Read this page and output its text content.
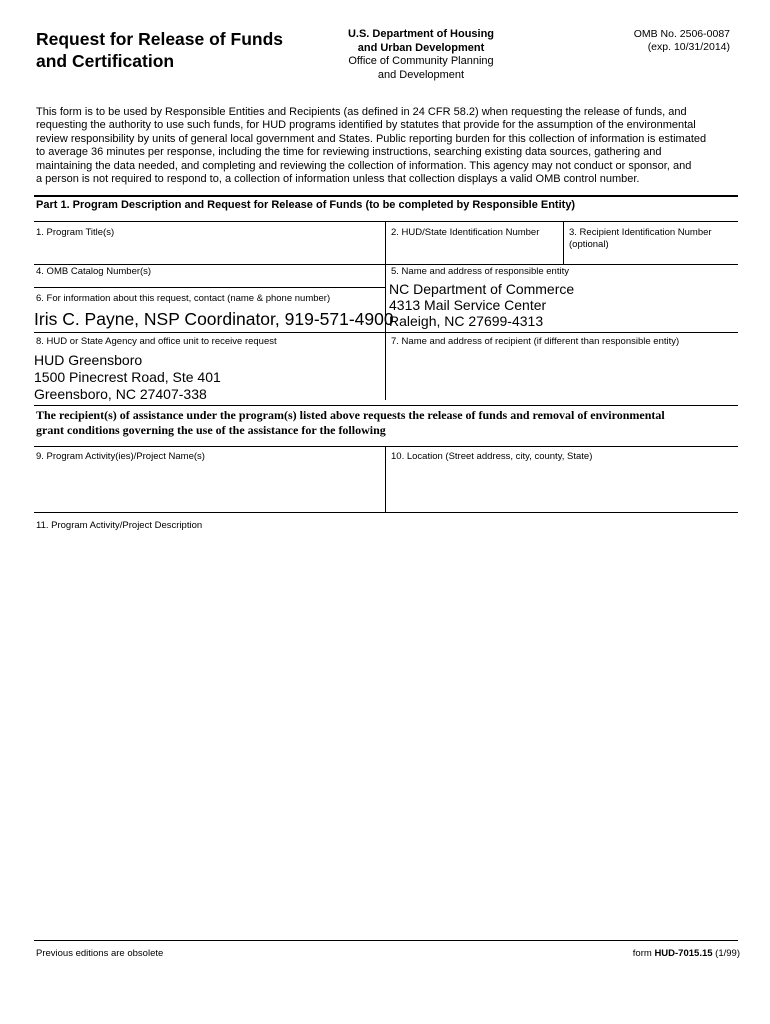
Request for Release of Funds
and Certification
U.S. Department of Housing
and Urban Development
Office of Community Planning
and Development
OMB No. 2506-0087
(exp. 10/31/2014)
This form is to be used by Responsible Entities and Recipients (as defined in 24 CFR 58.2) when requesting the release of funds, and
requesting the authority to use such funds, for HUD programs identified by statutes that provide for the assumption of the environmental
review responsibility by units of general local government and States. Public reporting burden for this collection of information is estimated
to average 36 minutes per response, including the time for reviewing instructions, searching existing data sources, gathering and
maintaining the data needed, and completing and reviewing the collection of information. This agency may not conduct or sponsor, and
a person is not required to respond to, a collection of information unless that collection displays a valid OMB control number.
Part 1. Program Description and Request for Release of Funds (to be completed by Responsible Entity)
1. Program Title(s)	2. HUD/State Identification Number	3. Recipient Identification Number
(optional)
4. OMB Catalog Number(s)	5. Name and address of responsible entity
NC Department of Commerce
4313 Mail Service Center
Raleigh, NC 27699-4313
6. For information about this request, contact (name & phone number)
Iris C. Payne, NSP Coordinator, 919-571-4900
8. HUD or State Agency and office unit to receive request
HUD Greensboro
1500 Pinecrest Road, Ste 401
Greensboro, NC 27407-338
7. Name and address of recipient (if different than responsible entity)
The recipient(s) of assistance under the program(s) listed above requests the release of funds and removal of environmental
grant conditions governing the use of the assistance for the following
9. Program Activity(ies)/Project Name(s)	10. Location (Street address, city, county, State)
11. Program Activity/Project Description
Previous editions are obsolete	form HUD-7015.15 (1/99)
